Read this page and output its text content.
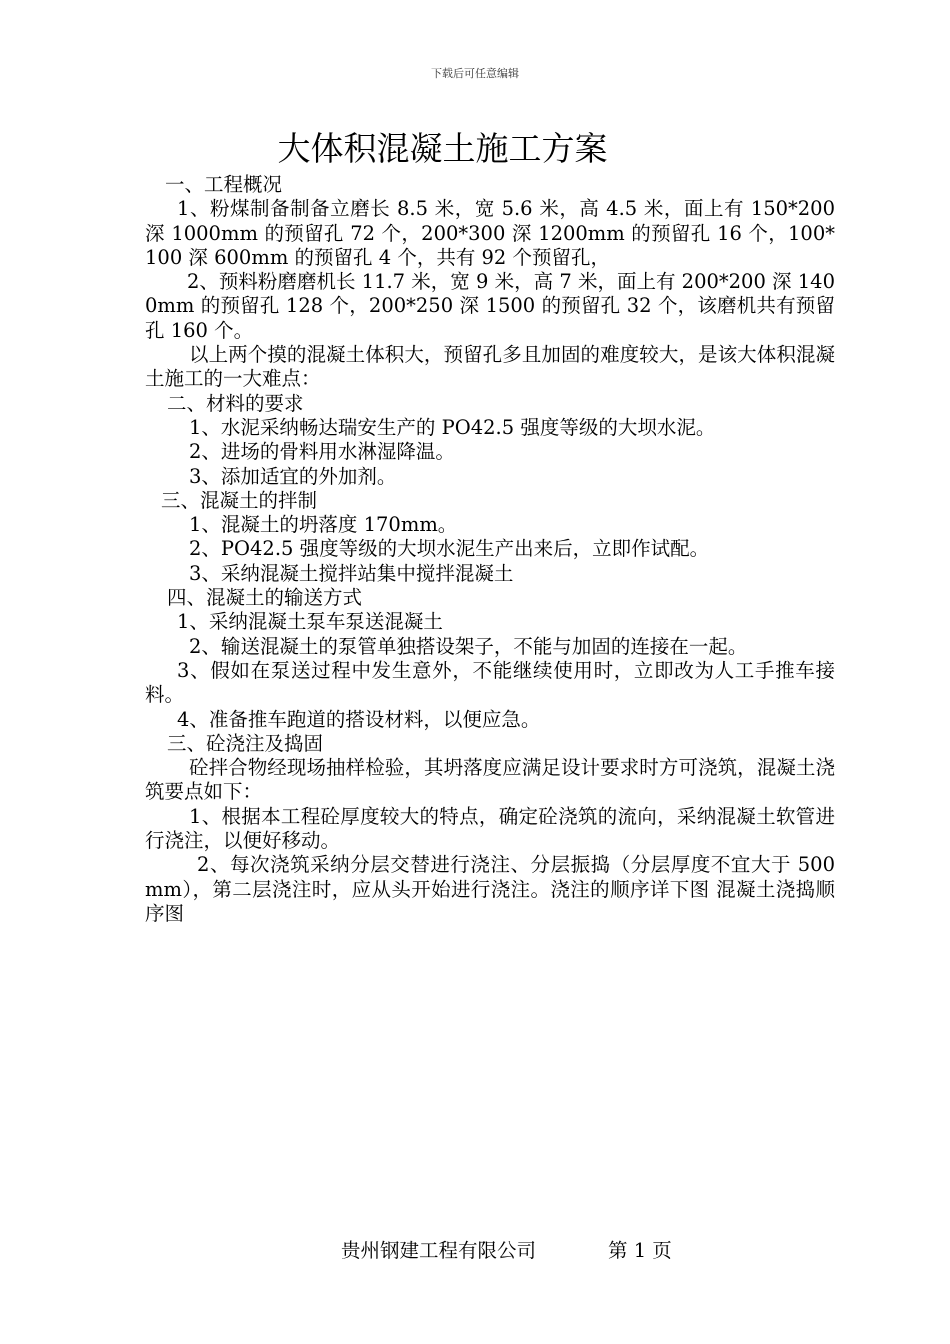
下载后可任意编辑
大体积混凝土施工方案

一、工程概况

1、粉煤制备制备立磨长 8.5 米，宽 5.6 米，高 4.5 米，面上有 150*200 深 1000mm 的预留孔 72 个，200*300 深 1200mm 的预留孔 16 个，100*100 深 600mm 的预留孔 4 个，共有 92 个预留孔，

2、预料粉磨磨机长 11.7 米，宽 9 米，高 7 米，面上有 200*200 深 1400mm 的预留孔 128 个，200*250 深 1500 的预留孔 32 个，该磨机共有预留孔 160 个。

以上两个摸的混凝土体积大，预留孔多且加固的难度较大，是该大体积混凝土施工的一大难点：

二、材料的要求

1、水泥采纳畅达瑞安生产的 PO42.5 强度等级的大坝水泥。

2、进场的骨料用水淋湿降温。

3、添加适宜的外加剂。

三、混凝土的拌制

1、混凝土的坍落度 170mm。

2、PO42.5 强度等级的大坝水泥生产出来后，立即作试配。

3、采纳混凝土搅拌站集中搅拌混凝土

四、混凝土的输送方式

1、采纳混凝土泵车泵送混凝土

2、输送混凝土的泵管单独搭设架子，不能与加固的连接在一起。

3、假如在泵送过程中发生意外，不能继续使用时，立即改为人工手推车接料。

4、准备推车跑道的搭设材料，以便应急。

三、砼浇注及捣固

砼拌合物经现场抽样检验，其坍落度应满足设计要求时方可浇筑，混凝土浇筑要点如下：

1、根据本工程砼厚度较大的特点，确定砼浇筑的流向，采纳混凝土软管进行浇注，以便好移动。

2、每次浇筑采纳分层交替进行浇注、分层振捣（分层厚度不宜大于 500mm），第二层浇注时，应从头开始进行浇注。浇注的顺序详下图 混凝土浇捣顺序图

贵州钢建工程有限公司	第 1 页
